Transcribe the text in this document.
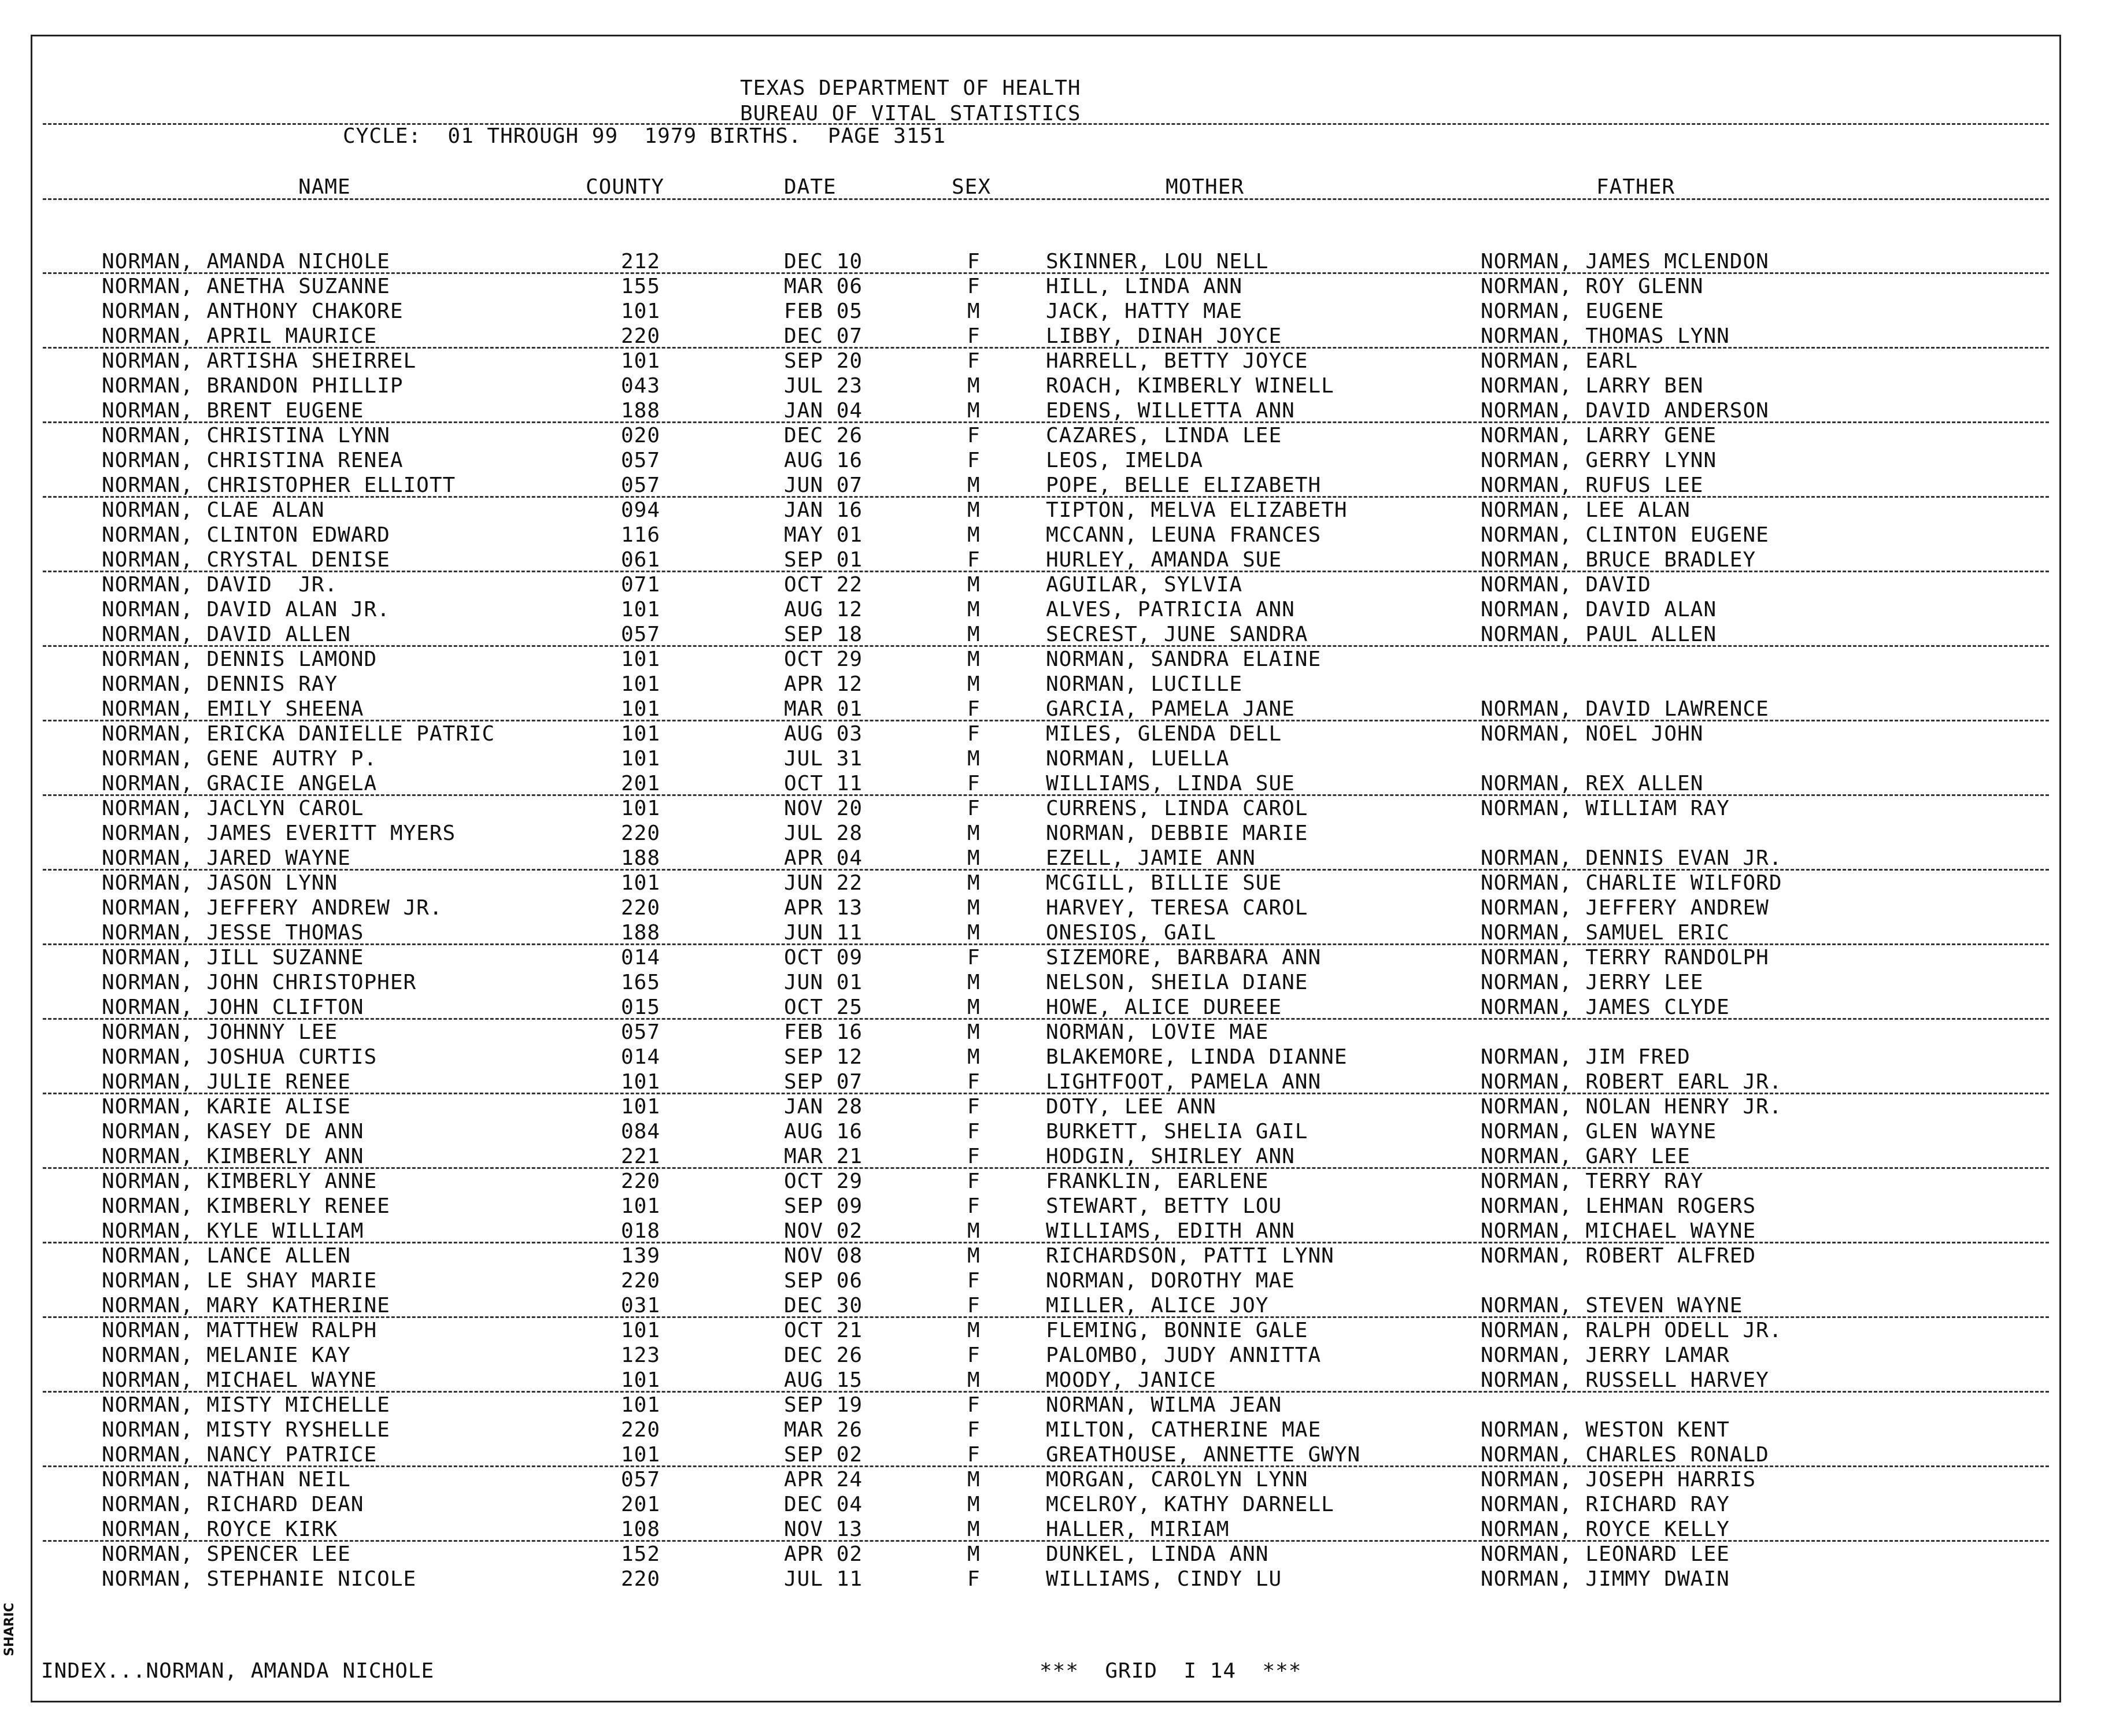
TEXAS DEPARTMENT OF HEALTH
BUREAU OF VITAL STATISTICS
CYCLE:  01 THROUGH 99  1979 BIRTHS.  PAGE 3151
NAME	COUNTY	DATE	SEX	MOTHER	FATHER
NORMAN, AMANDA NICHOLE	212	DEC 10	F	SKINNER, LOU NELL	NORMAN, JAMES MCLENDON
NORMAN, ANETHA SUZANNE	155	MAR 06	F	HILL, LINDA ANN	NORMAN, ROY GLENN
NORMAN, ANTHONY CHAKORE	101	FEB 05	M	JACK, HATTY MAE	NORMAN, EUGENE
NORMAN, APRIL MAURICE	220	DEC 07	F	LIBBY, DINAH JOYCE	NORMAN, THOMAS LYNN
NORMAN, ARTISHA SHEIRREL	101	SEP 20	F	HARRELL, BETTY JOYCE	NORMAN, EARL
NORMAN, BRANDON PHILLIP	043	JUL 23	M	ROACH, KIMBERLY WINELL	NORMAN, LARRY BEN
NORMAN, BRENT EUGENE	188	JAN 04	M	EDENS, WILLETTA ANN	NORMAN, DAVID ANDERSON
NORMAN, CHRISTINA LYNN	020	DEC 26	F	CAZARES, LINDA LEE	NORMAN, LARRY GENE
NORMAN, CHRISTINA RENEA	057	AUG 16	F	LEOS, IMELDA	NORMAN, GERRY LYNN
NORMAN, CHRISTOPHER ELLIOTT	057	JUN 07	M	POPE, BELLE ELIZABETH	NORMAN, RUFUS LEE
NORMAN, CLAE ALAN	094	JAN 16	M	TIPTON, MELVA ELIZABETH	NORMAN, LEE ALAN
NORMAN, CLINTON EDWARD	116	MAY 01	M	MCCANN, LEUNA FRANCES	NORMAN, CLINTON EUGENE
NORMAN, CRYSTAL DENISE	061	SEP 01	F	HURLEY, AMANDA SUE	NORMAN, BRUCE BRADLEY
NORMAN, DAVID  JR.	071	OCT 22	M	AGUILAR, SYLVIA	NORMAN, DAVID
NORMAN, DAVID ALAN JR.	101	AUG 12	M	ALVES, PATRICIA ANN	NORMAN, DAVID ALAN
NORMAN, DAVID ALLEN	057	SEP 18	M	SECREST, JUNE SANDRA	NORMAN, PAUL ALLEN
NORMAN, DENNIS LAMOND	101	OCT 29	M	NORMAN, SANDRA ELAINE
NORMAN, DENNIS RAY	101	APR 12	M	NORMAN, LUCILLE
NORMAN, EMILY SHEENA	101	MAR 01	F	GARCIA, PAMELA JANE	NORMAN, DAVID LAWRENCE
NORMAN, ERICKA DANIELLE PATRIC	101	AUG 03	F	MILES, GLENDA DELL	NORMAN, NOEL JOHN
NORMAN, GENE AUTRY P.	101	JUL 31	M	NORMAN, LUELLA
NORMAN, GRACIE ANGELA	201	OCT 11	F	WILLIAMS, LINDA SUE	NORMAN, REX ALLEN
NORMAN, JACLYN CAROL	101	NOV 20	F	CURRENS, LINDA CAROL	NORMAN, WILLIAM RAY
NORMAN, JAMES EVERITT MYERS	220	JUL 28	M	NORMAN, DEBBIE MARIE
NORMAN, JARED WAYNE	188	APR 04	M	EZELL, JAMIE ANN	NORMAN, DENNIS EVAN JR.
NORMAN, JASON LYNN	101	JUN 22	M	MCGILL, BILLIE SUE	NORMAN, CHARLIE WILFORD
NORMAN, JEFFERY ANDREW JR.	220	APR 13	M	HARVEY, TERESA CAROL	NORMAN, JEFFERY ANDREW
NORMAN, JESSE THOMAS	188	JUN 11	M	ONESIOS, GAIL	NORMAN, SAMUEL ERIC
NORMAN, JILL SUZANNE	014	OCT 09	F	SIZEMORE, BARBARA ANN	NORMAN, TERRY RANDOLPH
NORMAN, JOHN CHRISTOPHER	165	JUN 01	M	NELSON, SHEILA DIANE	NORMAN, JERRY LEE
NORMAN, JOHN CLIFTON	015	OCT 25	M	HOWE, ALICE DUREEE	NORMAN, JAMES CLYDE
NORMAN, JOHNNY LEE	057	FEB 16	M	NORMAN, LOVIE MAE
NORMAN, JOSHUA CURTIS	014	SEP 12	M	BLAKEMORE, LINDA DIANNE	NORMAN, JIM FRED
NORMAN, JULIE RENEE	101	SEP 07	F	LIGHTFOOT, PAMELA ANN	NORMAN, ROBERT EARL JR.
NORMAN, KARIE ALISE	101	JAN 28	F	DOTY, LEE ANN	NORMAN, NOLAN HENRY JR.
NORMAN, KASEY DE ANN	084	AUG 16	F	BURKETT, SHELIA GAIL	NORMAN, GLEN WAYNE
NORMAN, KIMBERLY ANN	221	MAR 21	F	HODGIN, SHIRLEY ANN	NORMAN, GARY LEE
NORMAN, KIMBERLY ANNE	220	OCT 29	F	FRANKLIN, EARLENE	NORMAN, TERRY RAY
NORMAN, KIMBERLY RENEE	101	SEP 09	F	STEWART, BETTY LOU	NORMAN, LEHMAN ROGERS
NORMAN, KYLE WILLIAM	018	NOV 02	M	WILLIAMS, EDITH ANN	NORMAN, MICHAEL WAYNE
NORMAN, LANCE ALLEN	139	NOV 08	M	RICHARDSON, PATTI LYNN	NORMAN, ROBERT ALFRED
NORMAN, LE SHAY MARIE	220	SEP 06	F	NORMAN, DOROTHY MAE
NORMAN, MARY KATHERINE	031	DEC 30	F	MILLER, ALICE JOY	NORMAN, STEVEN WAYNE
NORMAN, MATTHEW RALPH	101	OCT 21	M	FLEMING, BONNIE GALE	NORMAN, RALPH ODELL JR.
NORMAN, MELANIE KAY	123	DEC 26	F	PALOMBO, JUDY ANNITTA	NORMAN, JERRY LAMAR
NORMAN, MICHAEL WAYNE	101	AUG 15	M	MOODY, JANICE	NORMAN, RUSSELL HARVEY
NORMAN, MISTY MICHELLE	101	SEP 19	F	NORMAN, WILMA JEAN
NORMAN, MISTY RYSHELLE	220	MAR 26	F	MILTON, CATHERINE MAE	NORMAN, WESTON KENT
NORMAN, NANCY PATRICE	101	SEP 02	F	GREATHOUSE, ANNETTE GWYN	NORMAN, CHARLES RONALD
NORMAN, NATHAN NEIL	057	APR 24	M	MORGAN, CAROLYN LYNN	NORMAN, JOSEPH HARRIS
NORMAN, RICHARD DEAN	201	DEC 04	M	MCELROY, KATHY DARNELL	NORMAN, RICHARD RAY
NORMAN, ROYCE KIRK	108	NOV 13	M	HALLER, MIRIAM	NORMAN, ROYCE KELLY
NORMAN, SPENCER LEE	152	APR 02	M	DUNKEL, LINDA ANN	NORMAN, LEONARD LEE
NORMAN, STEPHANIE NICOLE	220	JUL 11	F	WILLIAMS, CINDY LU	NORMAN, JIMMY DWAIN
INDEX...NORMAN, AMANDA NICHOLE	***  GRID  I 14  ***
SHARIC
